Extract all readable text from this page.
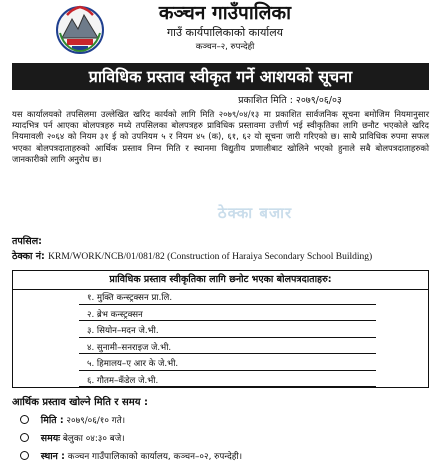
कञ्चन गाउँपालिका
गाउँ कार्यपालिकाको कार्यालय
कञ्चन–२, रुपन्देही
प्राविधिक प्रस्ताव स्वीकृत गर्ने आशयको सूचना
प्रकाशित मिति : २०७९/०६/०३
यस कार्यालयको तपसिलमा उल्लेखित खरिद कार्यको लागि मिति २०७९/०४/१३ मा प्रकाशित सार्वजनिक सूचना बमोजिम नियमानुसार म्यादभित्र पर्न आएका बोलपत्रहरु मध्ये तपसिलका बोलपत्रहरु प्राविधिक प्रस्तावमा उत्तीर्ण भई स्वीकृतिका लागि छनौट भएकोले खरिद नियमावली २०६४ को नियम ३१ ई को उपनियम ५ र नियम ४५ (क), ६१, ६२ यो सूचना जारी गरिएको छ। साथै प्राविधिक रुपमा सफल भएका बोलपत्रदाताहरुको आर्थिक प्रस्ताव निम्न मिति र स्थानमा विद्युतीय प्रणालीबाट खोलिने भएको हुनाले सबै बोलपत्रदाताहरुको जानकारीको लागि अनुरोध छ।
ठेक्का बजार
तपसिल:
ठेक्का नं: KRM/WORK/NCB/01/081/82 (Construction of Haraiya Secondary School Building)
प्राविधिक प्रस्ताव स्वीकृतिका लागि छनोट भएका बोलपत्रदाताहरु:
१. मुक्ति कन्स्ट्रक्सन प्रा.लि.
२. ब्रेभ कन्स्ट्रक्सन
३. सियोन–मदन जे.भी.
४. सुनामी–सनराइज जे.भी.
५. हिमालय–ए आर के जे.भी.
६. गौतम–कँडेल जे.भी.
आर्थिक प्रस्ताव खोल्ने मिति र समय :
मिति : २०७९/०६/१० गते।
समयः बेलुका ०४:३० बजे।
स्थान : कञ्चन गाउँपालिकाको कार्यालय, कञ्चन–०२, रुपन्देही।
